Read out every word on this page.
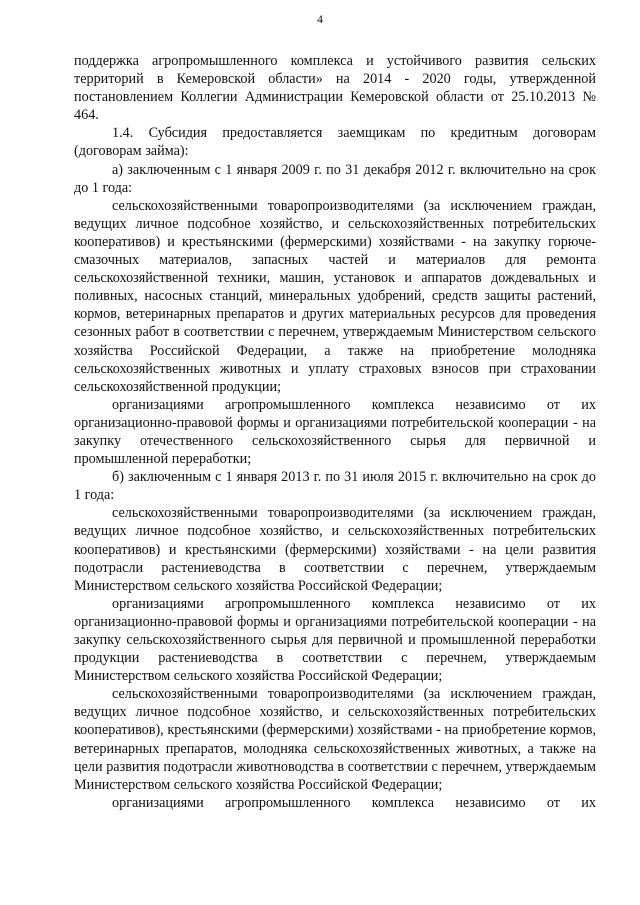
4

поддержка агропромышленного комплекса и устойчивого развития сельских территорий в Кемеровской области» на 2014 - 2020 годы, утвержденной постановлением Коллегии Администрации Кемеровской области от 25.10.2013 № 464.

1.4. Субсидия предоставляется заемщикам по кредитным договорам (договорам займа):

а) заключенным с 1 января 2009 г. по 31 декабря 2012 г. включительно на срок до 1 года:

сельскохозяйственными товаропроизводителями (за исключением граждан, ведущих личное подсобное хозяйство, и сельскохозяйственных потребительских кооперативов) и крестьянскими (фермерскими) хозяйствами - на закупку горюче-смазочных материалов, запасных частей и материалов для ремонта сельскохозяйственной техники, машин, установок и аппаратов дождевальных и поливных, насосных станций, минеральных удобрений, средств защиты растений, кормов, ветеринарных препаратов и других материальных ресурсов для проведения сезонных работ в соответствии с перечнем, утверждаемым Министерством сельского хозяйства Российской Федерации, а также на приобретение молодняка сельскохозяйственных животных и уплату страховых взносов при страховании сельскохозяйственной продукции;

организациями агропромышленного комплекса независимо от их организационно-правовой формы и организациями потребительской кооперации - на закупку отечественного сельскохозяйственного сырья для первичной и промышленной переработки;

б) заключенным с 1 января 2013 г. по 31 июля 2015 г. включительно на срок до 1 года:

сельскохозяйственными товаропроизводителями (за исключением граждан, ведущих личное подсобное хозяйство, и сельскохозяйственных потребительских кооперативов) и крестьянскими (фермерскими) хозяйствами - на цели развития подотрасли растениеводства в соответствии с перечнем, утверждаемым Министерством сельского хозяйства Российской Федерации;

организациями агропромышленного комплекса независимо от их организационно-правовой формы и организациями потребительской кооперации - на закупку сельскохозяйственного сырья для первичной и промышленной переработки продукции растениеводства в соответствии с перечнем, утверждаемым Министерством сельского хозяйства Российской Федерации;

сельскохозяйственными товаропроизводителями (за исключением граждан, ведущих личное подсобное хозяйство, и сельскохозяйственных потребительских кооперативов), крестьянскими (фермерскими) хозяйствами - на приобретение кормов, ветеринарных препаратов, молодняка сельскохозяйственных животных, а также на цели развития подотрасли животноводства в соответствии с перечнем, утверждаемым Министерством сельского хозяйства Российской Федерации;

организациями агропромышленного комплекса независимо от их
